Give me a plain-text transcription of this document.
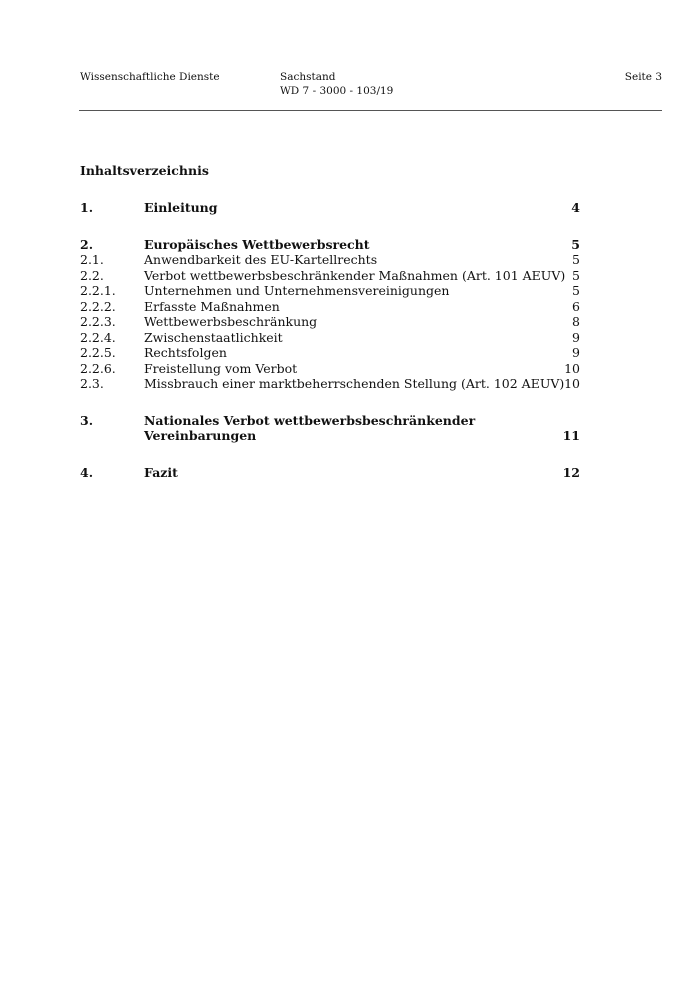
Wissenschaftliche Dienste	Sachstand
WD 7 - 3000 - 103/19
Seite 3
Inhaltsverzeichnis
1.	Einleitung	4
2.	Europäisches Wettbewerbsrecht	5
2.1.	Anwendbarkeit des EU-Kartellrechts	5
2.2.	Verbot wettbewerbsbeschränkender Maßnahmen (Art. 101 AEUV) 5
2.2.1. Unternehmen und Unternehmensvereinigungen	5
2.2.2. Erfasste Maßnahmen	6
2.2.3. Wettbewerbsbeschränkung	8
2.2.4. Zwischenstaatlichkeit	9
2.2.5. Rechtsfolgen	9
2.2.6. Freistellung vom Verbot	10
2.3.	Missbrauch einer marktbeherrschenden Stellung (Art. 102 AEUV) 10
3.	Nationales Verbot wettbewerbsbeschränkender
Vereinbarungen	11
4.	Fazit	12
